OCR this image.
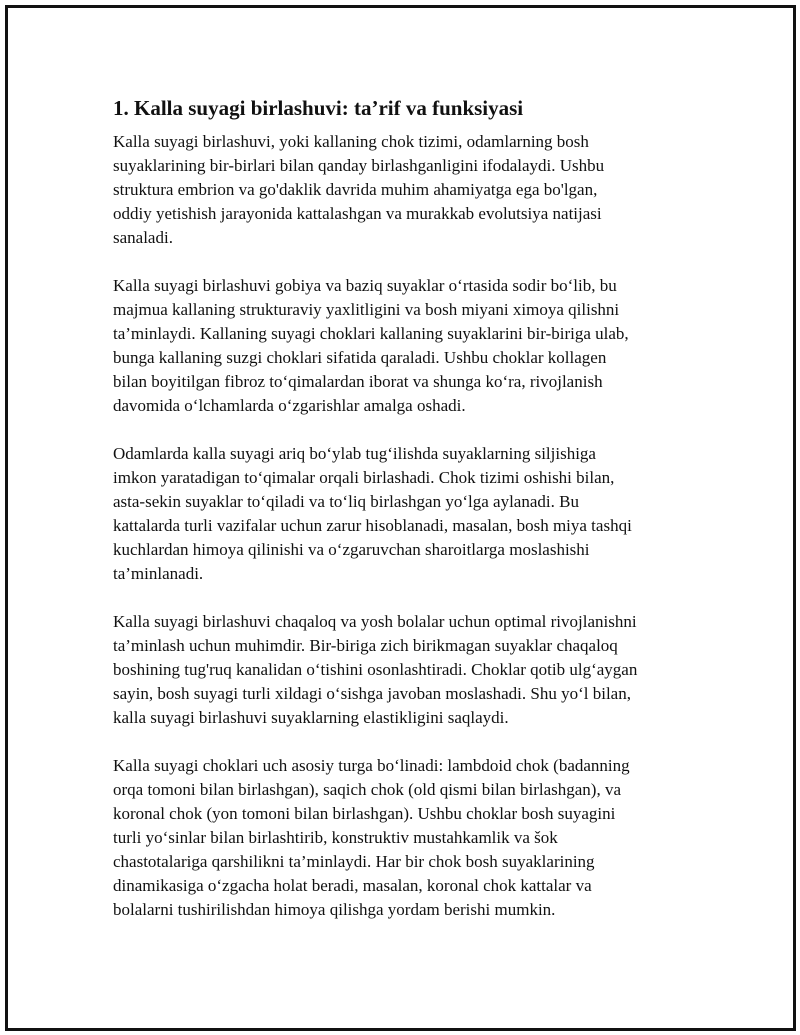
1. Kalla suyagi birlashuvi: ta’rif va funksiyasi

Kalla suyagi birlashuvi, yoki kallaning chok tizimi, odamlarning bosh
suyaklarining bir-birlari bilan qanday birlashganligini ifodalaydi. Ushbu
struktura embrion va go'daklik davrida muhim ahamiyatga ega bo'lgan,
oddiy yetishish jarayonida kattalashgan va murakkab evolutsiya natijasi
sanaladi.

Kalla suyagi birlashuvi gobiya va baziq suyaklar o‘rtasida sodir bo‘lib, bu
majmua kallaning strukturaviy yaxlitligini va bosh miyani ximoya qilishni
ta’minlaydi. Kallaning suyagi choklari kallaning suyaklarini bir-biriga ulab,
bunga kallaning suzgi choklari sifatida qaraladi. Ushbu choklar kollagen
bilan boyitilgan fibroz to‘qimalardan iborat va shunga ko‘ra, rivojlanish
davomida o‘lchamlarda o‘zgarishlar amalga oshadi.

Odamlarda kalla suyagi ariq bo‘ylab tug‘ilishda suyaklarning siljishiga
imkon yaratadigan to‘qimalar orqali birlashadi. Chok tizimi oshishi bilan,
asta-sekin suyaklar to‘qiladi va to‘liq birlashgan yo‘lga aylanadi. Bu
kattalarda turli vazifalar uchun zarur hisoblanadi, masalan, bosh miya tashqi
kuchlardan himoya qilinishi va o‘zgaruvchan sharoitlarga moslashishi
ta’minlanadi.

Kalla suyagi birlashuvi chaqaloq va yosh bolalar uchun optimal rivojlanishni
ta’minlash uchun muhimdir. Bir-biriga zich birikmagan suyaklar chaqaloq
boshining tug'ruq kanalidan o‘tishini osonlashtiradi. Choklar qotib ulg‘aygan
sayin, bosh suyagi turli xildagi o‘sishga javoban moslashadi. Shu yo‘l bilan,
kalla suyagi birlashuvi suyaklarning elastikligini saqlaydi.

Kalla suyagi choklari uch asosiy turga bo‘linadi: lambdoid chok (badanning
orqa tomoni bilan birlashgan), saqich chok (old qismi bilan birlashgan), va
koronal chok (yon tomoni bilan birlashgan). Ushbu choklar bosh suyagini
turli yo‘sinlar bilan birlashtirib, konstruktiv mustahkamlik va šok
chastotalariga qarshilikni ta’minlaydi. Har bir chok bosh suyaklarining
dinamikasiga o‘zgacha holat beradi, masalan, koronal chok kattalar va
bolalarni tushirilishdan himoya qilishga yordam berishi mumkin.
